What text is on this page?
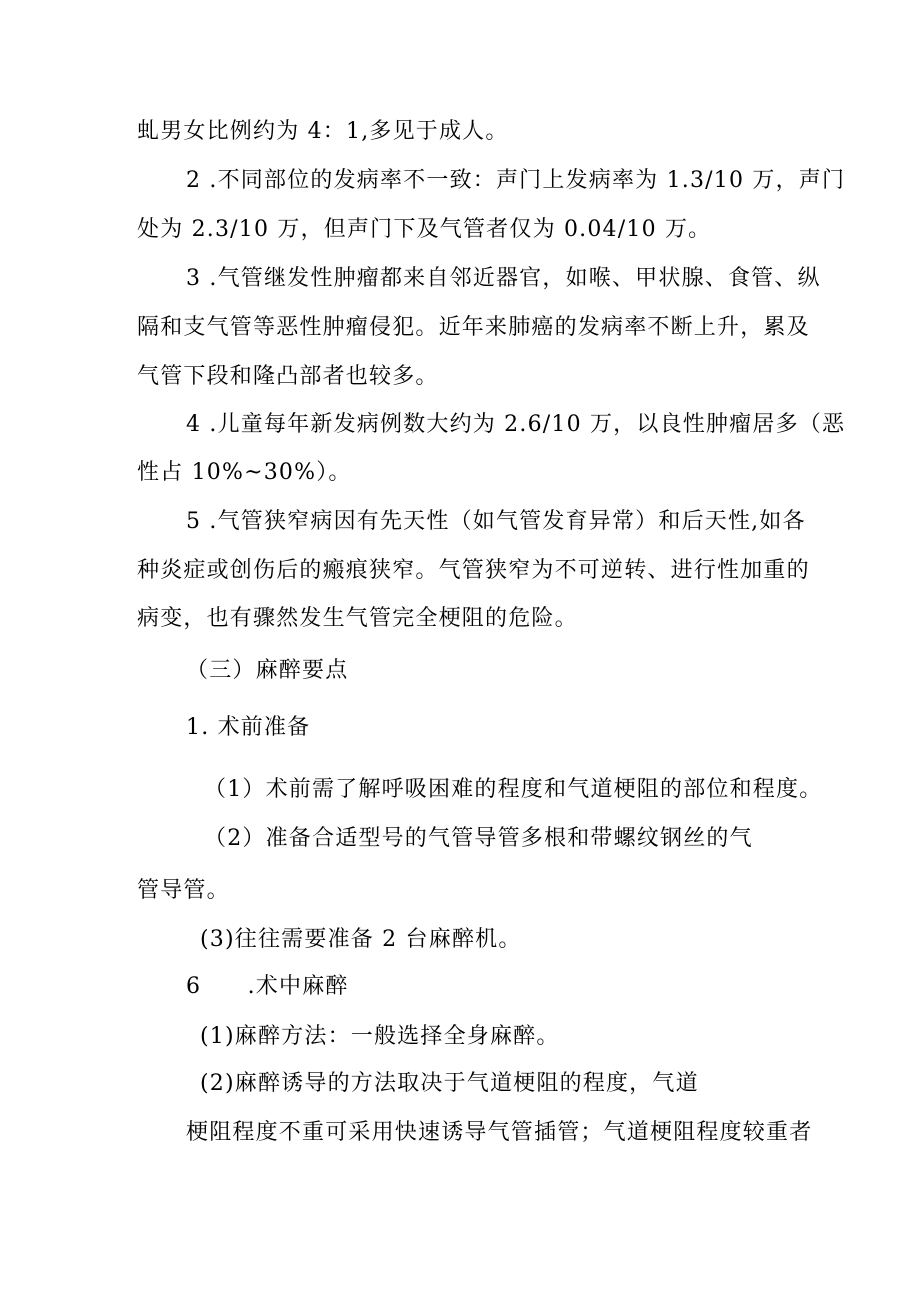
虬男女比例约为 4：1,多见于成人。
2 .不同部位的发病率不一致：声门上发病率为 1.3/10 万，声门
处为 2.3/10 万，但声门下及气管者仅为 0.04/10 万。
3 .气管继发性肿瘤都来自邻近器官，如喉、甲状腺、食管、纵
隔和支气管等恶性肿瘤侵犯。近年来肺癌的发病率不断上升，累及
气管下段和隆凸部者也较多。
4 .儿童每年新发病例数大约为 2.6/10 万，以良性肿瘤居多（恶
性占 10%~30%）。
5 .气管狭窄病因有先天性（如气管发育异常）和后天性,如各
种炎症或创伤后的瘢痕狭窄。气管狭窄为不可逆转、进行性加重的
病变，也有骤然发生气管完全梗阻的危险。
（三）麻醉要点
1. 术前准备
（1）术前需了解呼吸困难的程度和气道梗阻的部位和程度。
（2）准备合适型号的气管导管多根和带螺纹钢丝的气
管导管。
(3)往往需要准备 2 台麻醉机。
6　　.术中麻醉
(1)麻醉方法：一般选择全身麻醉。
(2)麻醉诱导的方法取决于气道梗阻的程度，气道
梗阻程度不重可采用快速诱导气管插管；气道梗阻程度较重者
